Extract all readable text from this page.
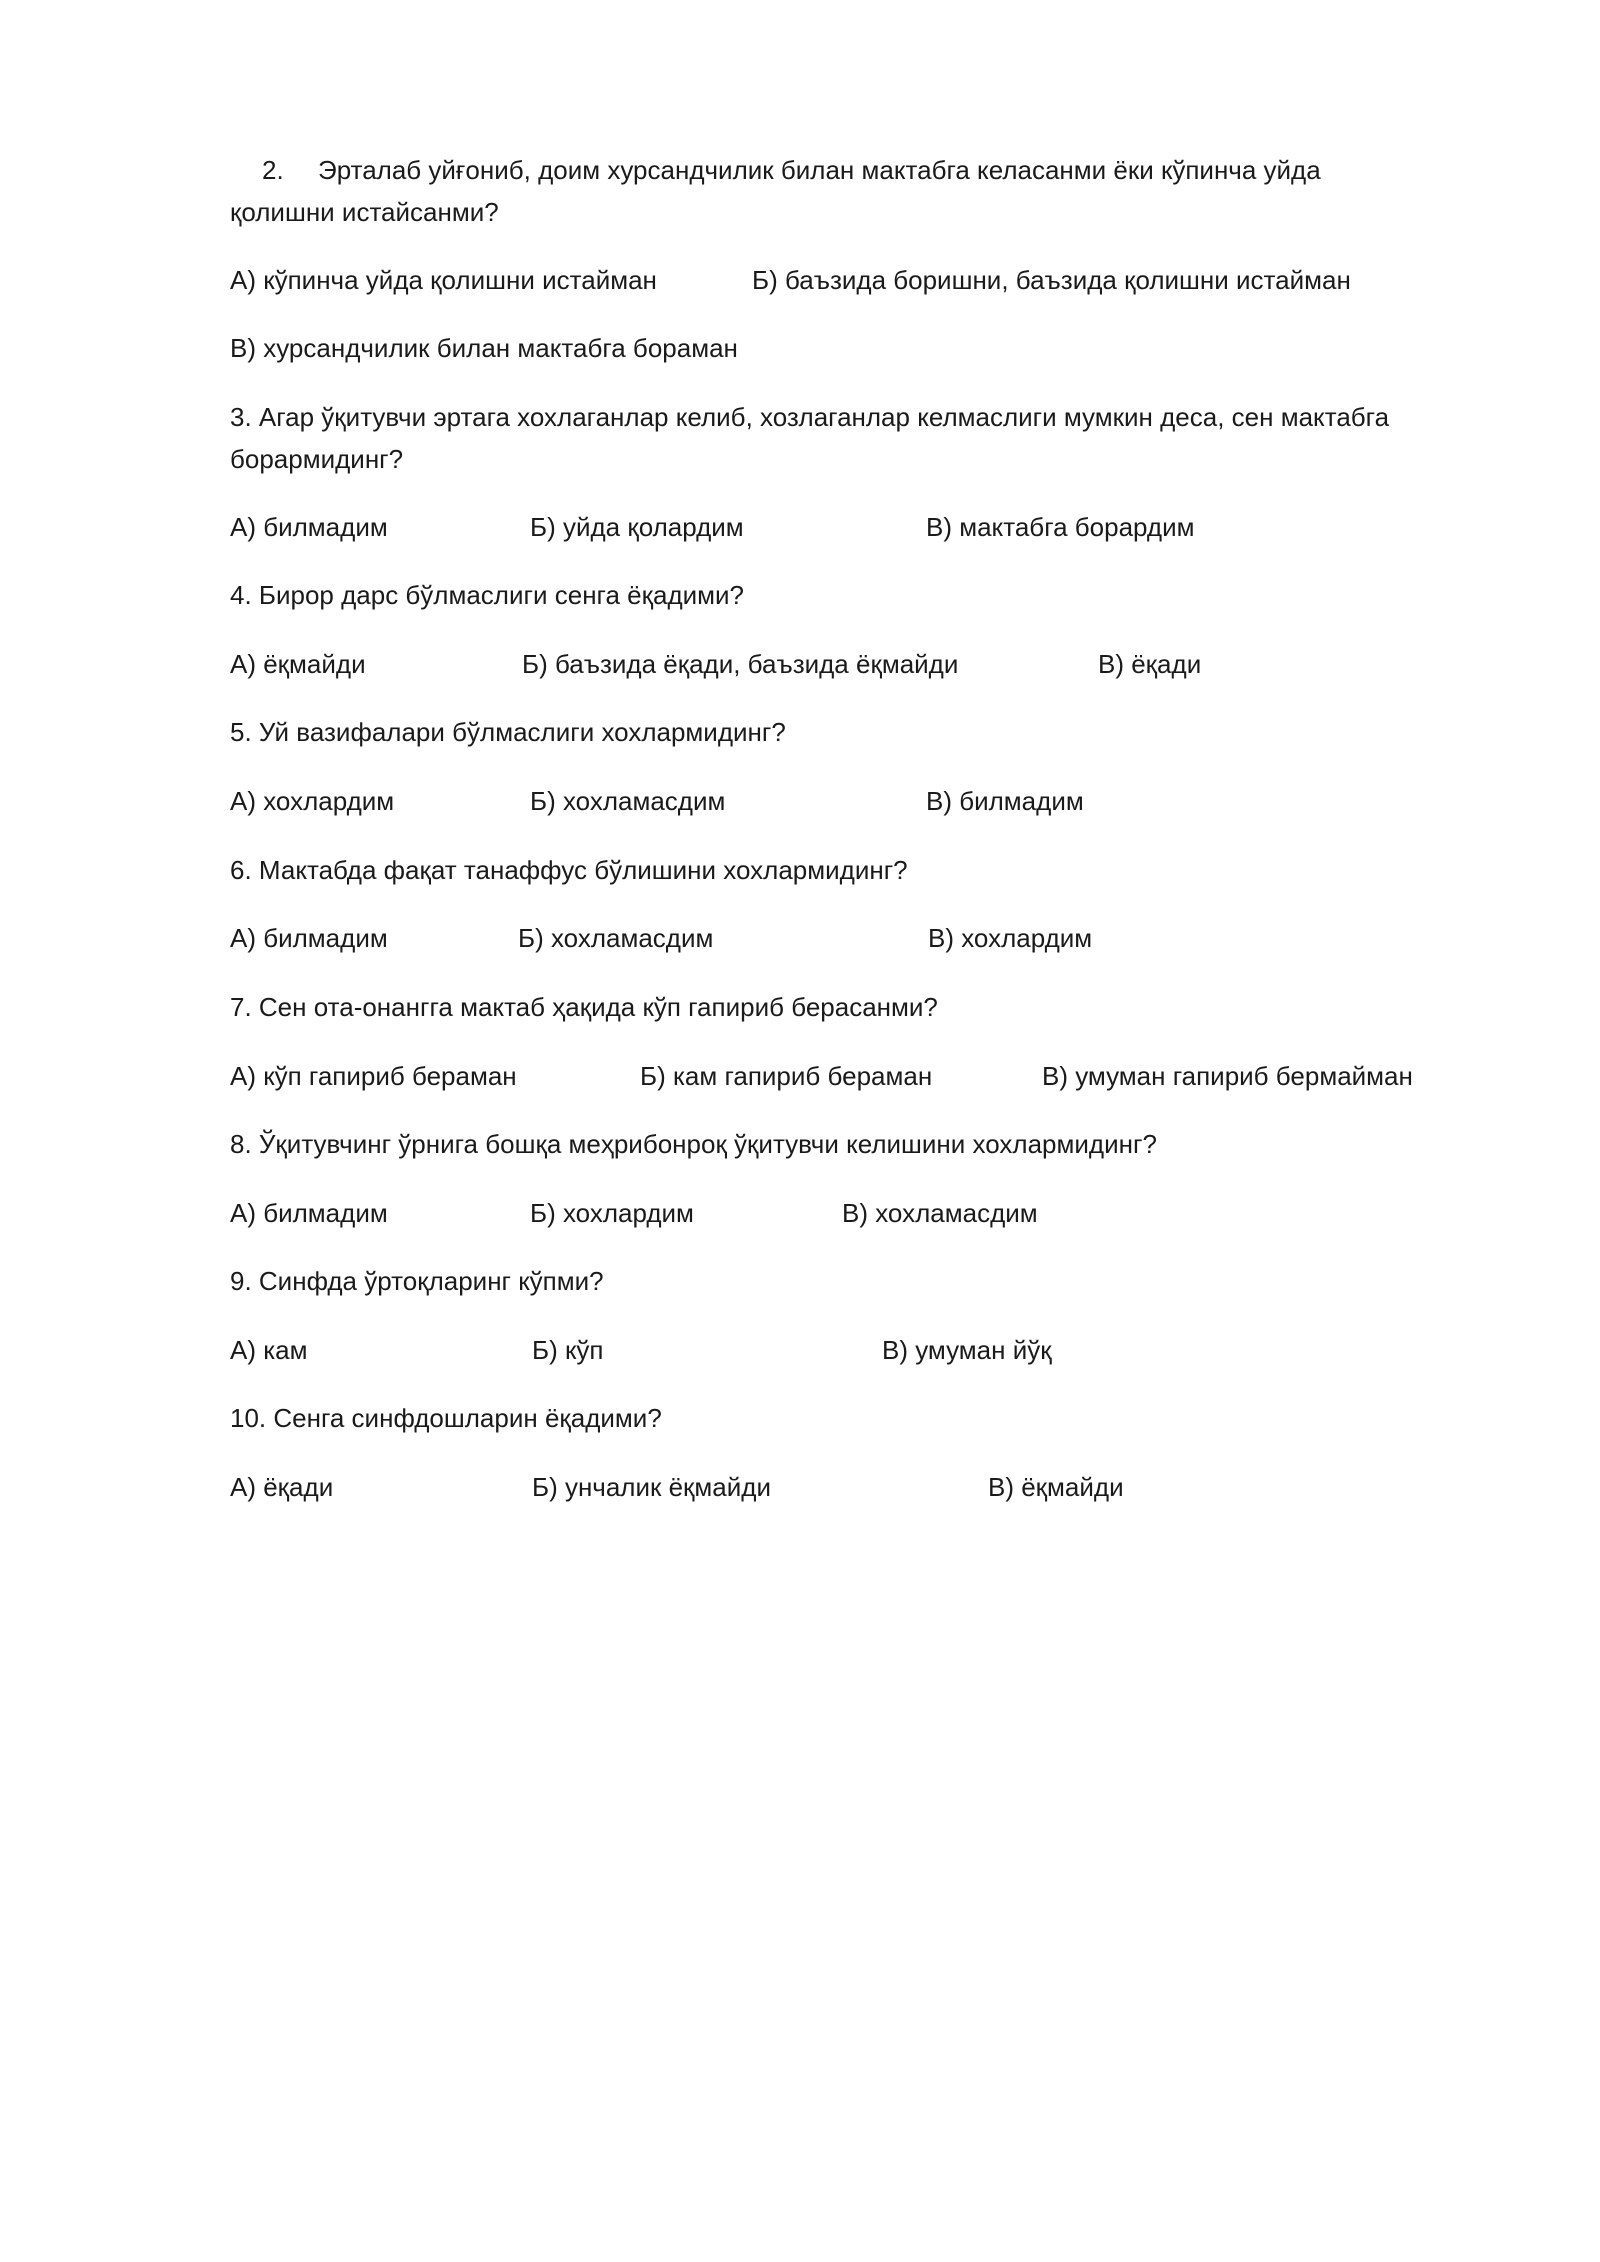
2. Эрталаб уйғониб, доим хурсандчилик билан мактабга келасанми ёки кўпинча уйда
қолишни истайсанми?
А) кўпинча уйда қолишни истайман	Б) баъзида боришни, баъзида қолишни истайман
В) хурсандчилик билан мактабга бораман
3. Агар ўқитувчи эртага хохлаганлар келиб, хозлаганлар келмаслиги мумкин деса, сен мактабга
борармидинг?
А) билмадим	Б) уйда қолардим	В) мактабга борардим
4. Бирор дарс бўлмаслиги сенга ёқадими?
А) ёқмайди	Б) баъзида ёқади, баъзида ёқмайди	В) ёқади
5. Уй вазифалари бўлмаслиги хохлармидинг?
А) хохлардим	Б) хохламасдим	В) билмадим
6. Мактабда фақат танаффус бўлишини хохлармидинг?
А) билмадим	Б) хохламасдим	В) хохлардим
7. Сен ота-онангга мактаб ҳақида кўп гапириб берасанми?
А) кўп гапириб бераман	Б) кам гапириб бераман	В) умуман гапириб бермайман
8. Ўқитувчинг ўрнига бошқа меҳрибонроқ ўқитувчи келишини хохлармидинг?
А) билмадим	Б) хохлардим	В) хохламасдим
9. Синфда ўртоқларинг кўпми?
А) кам	Б) кўп	В) умуман йўқ
10. Сенга синфдошларин ёқадими?
А) ёқади	Б) унчалик ёқмайди	В) ёқмайди
